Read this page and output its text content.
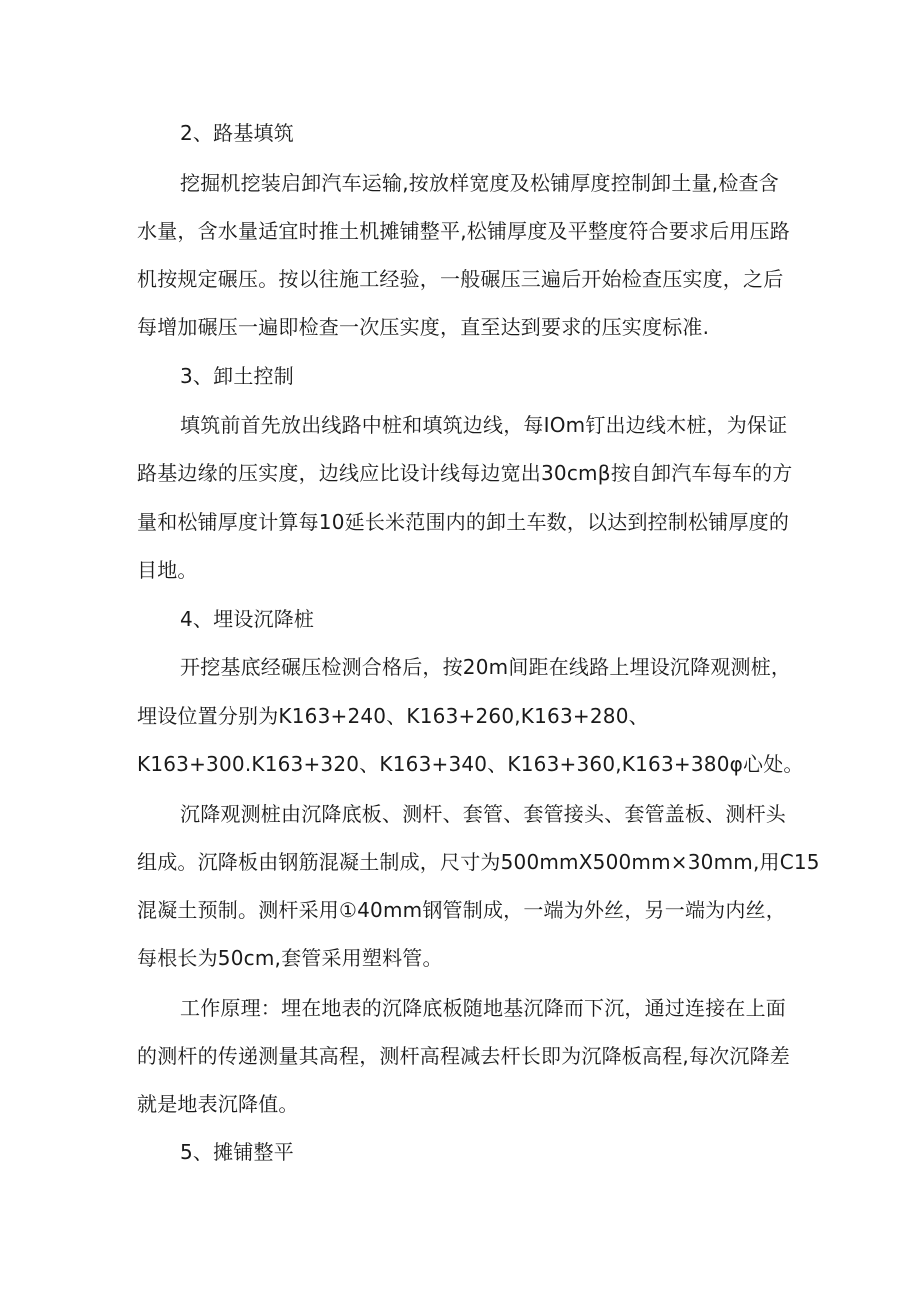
2、路基填筑
挖掘机挖装启卸汽车运输,按放样宽度及松铺厚度控制卸土量,检查含
水量，含水量适宜时推土机摊铺整平,松铺厚度及平整度符合要求后用压路
机按规定碾压。按以往施工经验，一般碾压三遍后开始检查压实度，之后
每增加碾压一遍即检查一次压实度，直至达到要求的压实度标准.
3、卸土控制
填筑前首先放出线路中桩和填筑边线，每IOm钉出边线木桩，为保证
路基边缘的压实度，边线应比设计线每边宽出30cmβ按自卸汽车每车的方
量和松铺厚度计算每10延长米范围内的卸土车数，以达到控制松铺厚度的
目地。
4、埋设沉降桩
开挖基底经碾压检测合格后，按20m间距在线路上埋设沉降观测桩，
埋设位置分别为K163+240、K163+260,K163+280、
K163+300.K163+320、K163+340、K163+360,K163+380φ心处。
沉降观测桩由沉降底板、测杆、套管、套管接头、套管盖板、测杆头
组成。沉降板由钢筋混凝土制成，尺寸为500mmX500mm×30mm,用C15
混凝土预制。测杆采用①40mm钢管制成，一端为外丝，另一端为内丝，
每根长为50cm,套管采用塑料管。
工作原理：埋在地表的沉降底板随地基沉降而下沉，通过连接在上面
的测杆的传递测量其高程，测杆高程减去杆长即为沉降板高程,每次沉降差
就是地表沉降值。
5、摊铺整平
